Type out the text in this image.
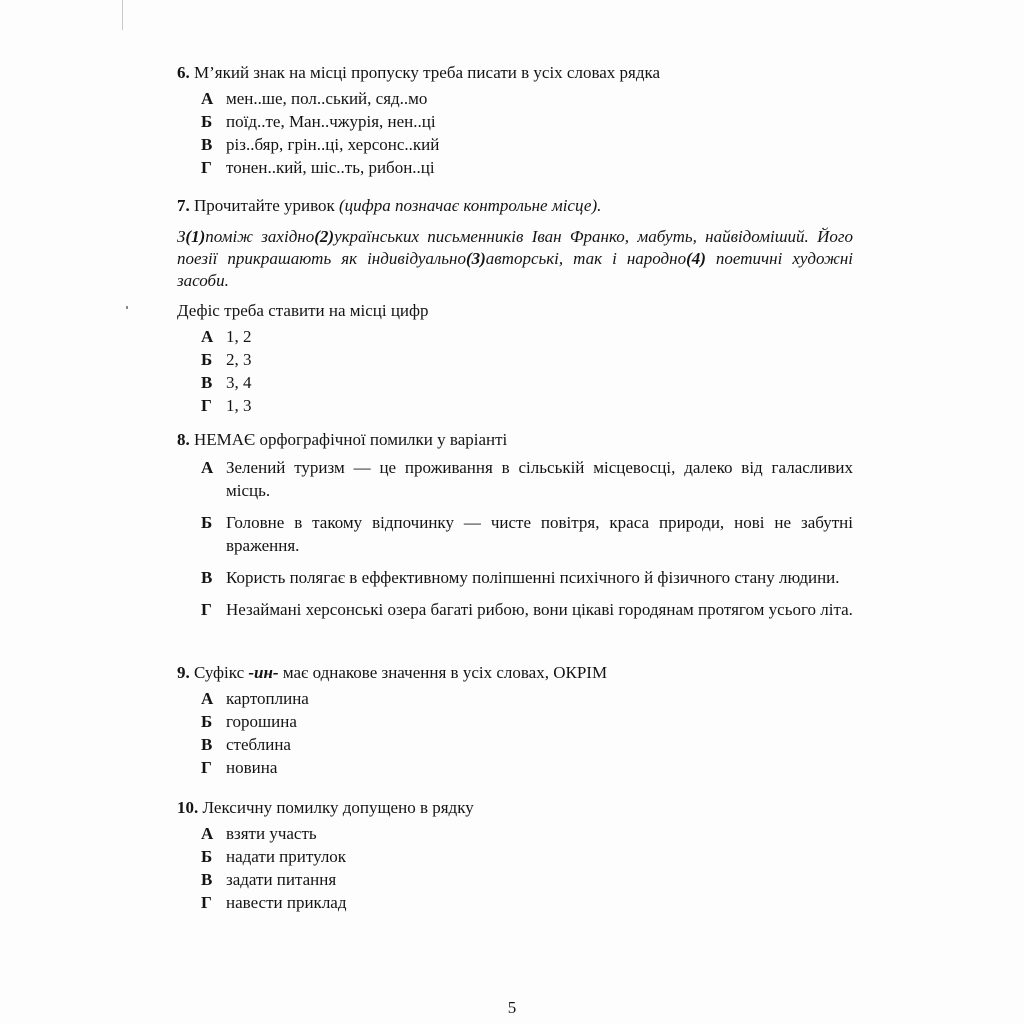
6. М’який знак на місці пропуску треба писати в усіх словах рядка

А мен..ше, пол..ський, сяд..мо
Б поїд..те, Ман..чжурія, нен..ці
В різ..бяр, грін..ці, херсонс..кий
Г тонен..кий, шіс..ть, рибон..ці

7. Прочитайте уривок (цифра позначає контрольне місце).

З(1)поміж західно(2)українських письменників Іван Франко, мабуть, найвідоміший. Його поезії прикрашають як індивідуально(3)авторські, так і народно(4) поетичні художні засоби.

Дефіс треба ставити на місці цифр

А 1, 2
Б 2, 3
В 3, 4
Г 1, 3

8. НЕМАЄ орфографічної помилки у варіанті

А Зелений туризм — це проживання в сільській місцевосці, далеко від галасливих місць.
Б Головне в такому відпочинку — чисте повітря, краса природи, нові не забутні враження.
В Користь полягає в еффективному поліпшенні психічного й фізичного стану людини.
Г Незаймані херсонські озера багаті рибою, вони цікаві городянам протягом усього літа.

9. Суфікс -ин- має однакове значення в усіх словах, ОКРІМ

А картоплина
Б горошина
В стеблина
Г новина

10. Лексичну помилку допущено в рядку

А взяти участь
Б надати притулок
В задати питання
Г навести приклад
5
